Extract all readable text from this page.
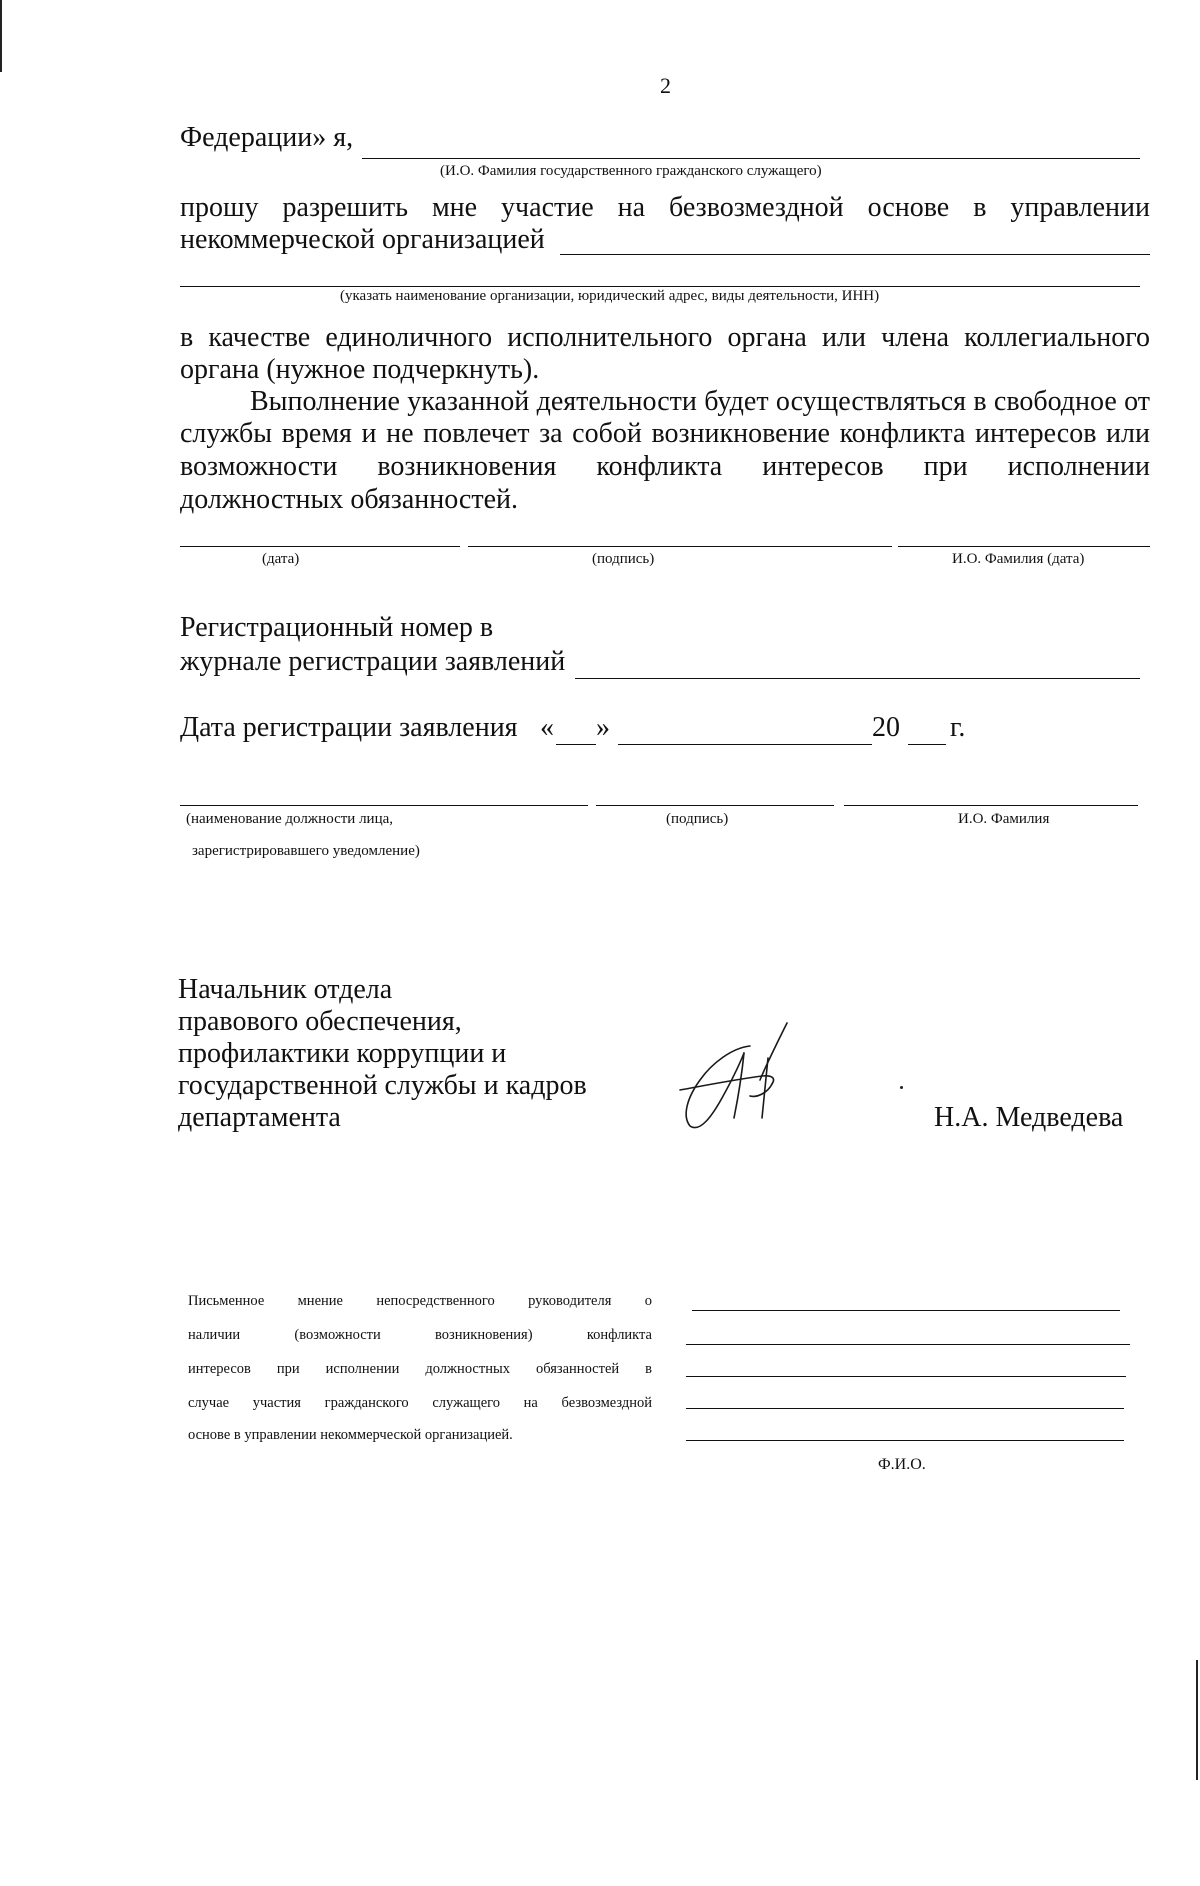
2
Федерации» я,
(И.О. Фамилия государственного гражданского служащего)
прошу разрешить мне участие на безвозмездной основе в управлении
некоммерческой организацией
(указать наименование организации, юридический адрес, виды деятельности, ИНН)
в качестве единоличного исполнительного органа или члена коллегиального
органа (нужное подчеркнуть).
Выполнение указанной деятельности будет осуществляться в свободное от
службы время и не повлечет за собой возникновение конфликта интересов или
возможности возникновения конфликта интересов при исполнении
должностных обязанностей.
(дата)	(подпись)	И.О. Фамилия (дата)
Регистрационный номер в
журнале регистрации заявлений
Дата регистрации заявления « »	20 г.
(наименование должности лица,
зарегистрировавшего уведомление)
(подпись)	И.О. Фамилия
Начальник отдела
правового обеспечения,
профилактики коррупции и
государственной службы и кадров
департамента	Н.А. Медведева
Письменное мнение непосредственного руководителя о
наличии (возможности возникновения) конфликта
интересов при исполнении должностных обязанностей в
случае участия гражданского служащего на безвозмездной
основе в управлении некоммерческой организацией.
Ф.И.О.
